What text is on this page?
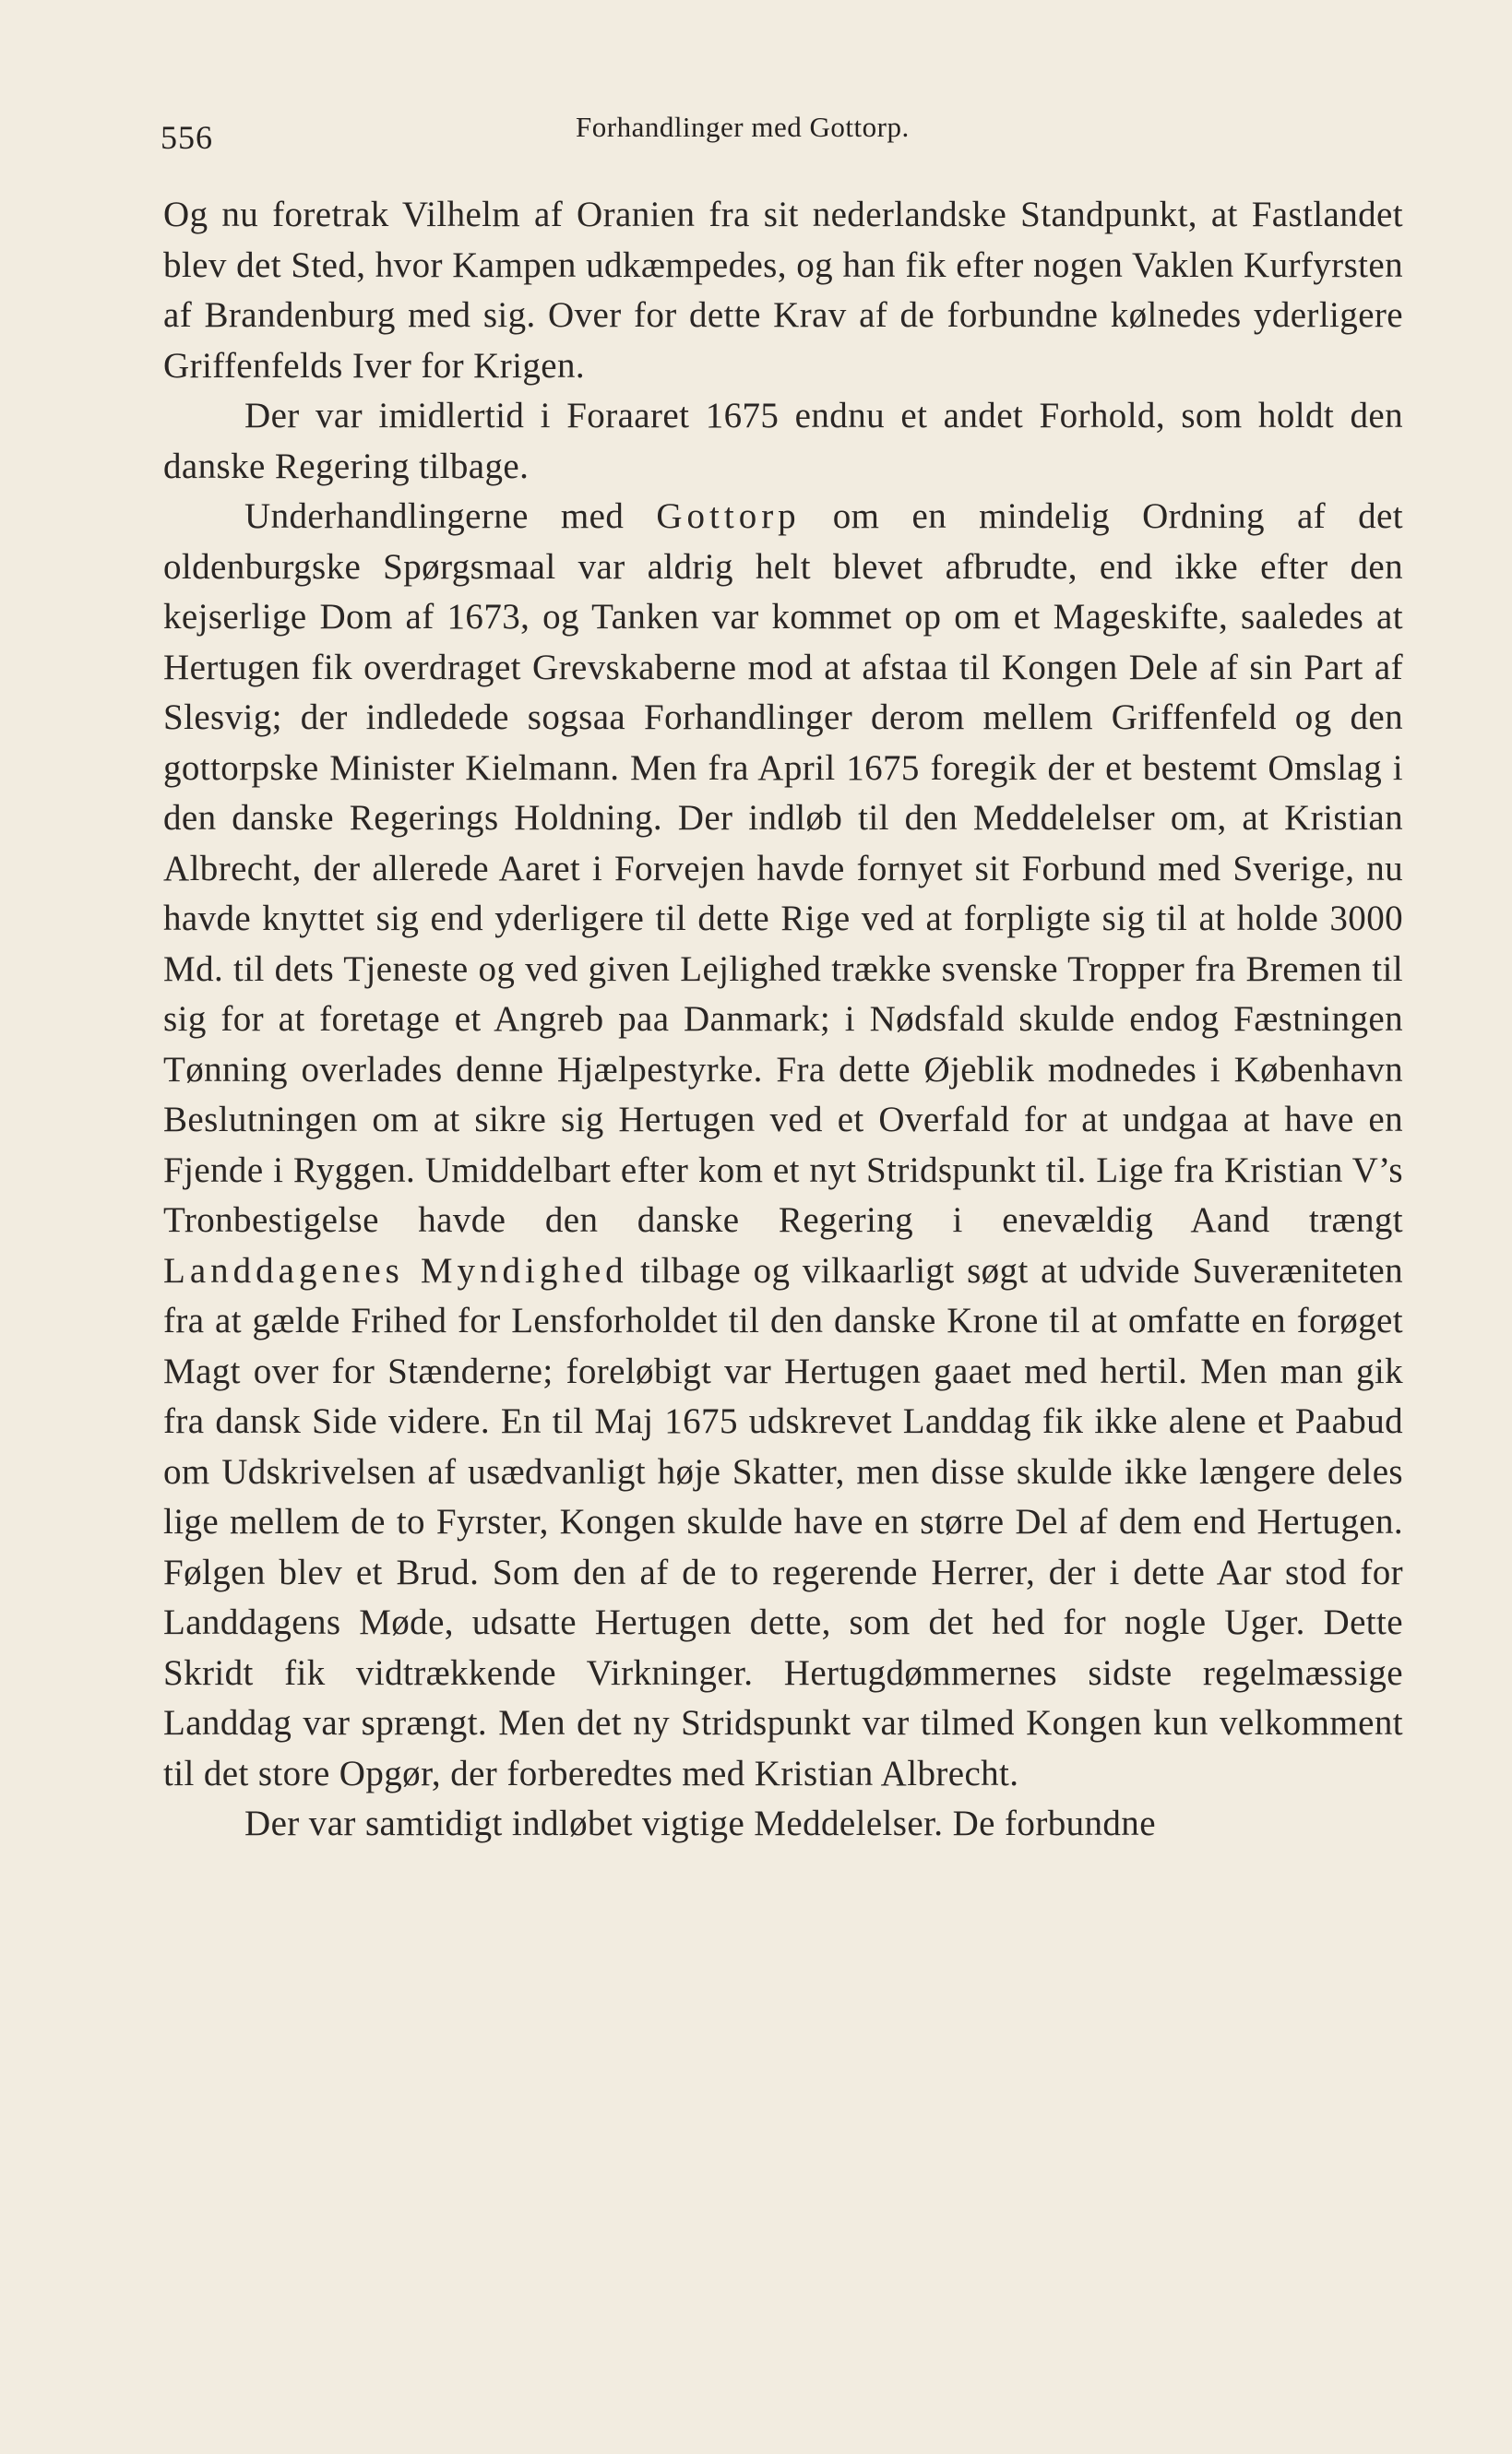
556	Forhandlinger med Gottorp.

Og nu foretrak Vilhelm af Oranien fra sit nederlandske Standpunkt, at Fastlandet blev det Sted, hvor Kampen udkæmpedes, og han fik efter nogen Vaklen Kurfyrsten af Brandenburg med sig. Over for dette Krav af de forbundne kølnedes yderligere Griffenfelds Iver for Krigen.

Der var imidlertid i Foraaret 1675 endnu et andet Forhold, som holdt den danske Regering tilbage.

Underhandlingerne med Gottorp om en mindelig Ordning af det oldenburgske Spørgsmaal var aldrig helt blevet afbrudte, end ikke efter den kejserlige Dom af 1673, og Tanken var kommet op om et Mageskifte, saaledes at Hertugen fik overdraget Grevskaberne mod at afstaa til Kongen Dele af sin Part af Slesvig; der indledede sogsaa Forhandlinger derom mellem Griffenfeld og den gottorpske Minister Kielmann. Men fra April 1675 foregik der et bestemt Omslag i den danske Regerings Holdning. Der indløb til den Meddelelser om, at Kristian Albrecht, der allerede Aaret i Forvejen havde fornyet sit Forbund med Sverige, nu havde knyttet sig end yderligere til dette Rige ved at forpligte sig til at holde 3000 Md. til dets Tjeneste og ved given Lejlighed trække svenske Tropper fra Bremen til sig for at foretage et Angreb paa Danmark; i Nødsfald skulde endog Fæstningen Tønning overlades denne Hjælpestyrke. Fra dette Øjeblik modnedes i København Beslutningen om at sikre sig Hertugen ved et Overfald for at undgaa at have en Fjende i Ryggen. Umiddelbart efter kom et nyt Stridspunkt til. Lige fra Kristian V’s Tronbestigelse havde den danske Regering i enevældig Aand trængt Landdagenes Myndighed tilbage og vilkaarligt søgt at udvide Suveræniteten fra at gælde Frihed for Lensforholdet til den danske Krone til at omfatte en forøget Magt over for Stænderne; foreløbigt var Hertugen gaaet med hertil. Men man gik fra dansk Side videre. En til Maj 1675 udskrevet Landdag fik ikke alene et Paabud om Udskrivelsen af usædvanligt høje Skatter, men disse skulde ikke længere deles lige mellem de to Fyrster, Kongen skulde have en større Del af dem end Hertugen. Følgen blev et Brud. Som den af de to regerende Herrer, der i dette Aar stod for Landdagens Møde, udsatte Hertugen dette, som det hed for nogle Uger. Dette Skridt fik vidtrækkende Virkninger. Hertugdømmernes sidste regelmæssige Landdag var sprængt. Men det ny Stridspunkt var tilmed Kongen kun velkomment til det store Opgør, der forberedtes med Kristian Albrecht.

Der var samtidigt indløbet vigtige Meddelelser. De forbundne
